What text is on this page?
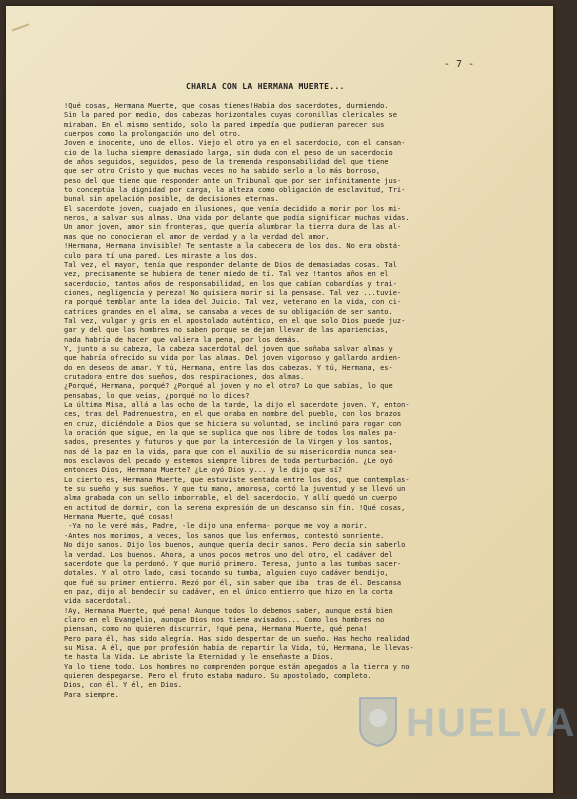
- 7 -
CHARLA CON LA HERMANA MUERTE...
!Qué cosas, Hermana Muerte, que cosas tienes!Había dos sacerdotes, durmiendo.
Sin la pared por medio, dos cabezas horizontales cuyas coronillas clericales se
miraban. En el mismo sentido, solo la pared impedía que pudieran parecer sus
cuerpos como la prolongación uno del otro.
Joven e inocente, uno de ellos. Viejo el otro ya en el sacerdocio, con el cansan-
cio de la lucha siempre demasiado larga, sin duda con el peso de un sacerdocio
de años seguidos, seguidos, peso de la tremenda responsabilidad del que tiene
que ser otro Cristo y que muchas veces no ha sabido serlo a lo más borroso,
peso del que tiene que responder ante un Tribunal que por ser infinitamente jus-
to conceptúa la dignidad por carga, la alteza como obligación de esclavitud, Tri-
bunal sin apelación posible, de decisiones eternas.
El sacerdote joven, cuajado en ilusiones, que venía decidido a morir por los mi-
neros, a salvar sus almas. Una vida por delante que podía significar muchas vidas.
Un amor joven, amor sin fronteras, que quería alumbrar la tierra dura de las al-
mas que no conocieran el amor de verdad y a la verdad del amor.
!Hermana, Hermana invisible! Te sentaste a la cabecera de los dos. No era obstá-
culo para tí una pared. Les miraste a los dos.
Tal vez, el mayor, tenía que responder delante de Dios de demasiadas cosas. Tal
vez, precisamente se hubiera de tener miedo de tí. Tal vez !tantos años en el
sacerdocio, tantos años de responsabilidad, en los que cabían cobardías y trai-
ciones, negligencia y pereza! No quisiera morir si la pensase. Tal vez ...tuvie-
ra porqué temblar ante la idea del Juicio. Tal vez, veterano en la vida, con ci-
catrices grandes en el alma, se cansaba a veces de su obligación de ser santo.
Tal vez, vulgar y gris en el apostolado auténtico, en el que solo Dios puede juz-
gar y del que los hombres no saben porque se dejan llevar de las apariencias,
nada habría de hacer que valiera la pena, por los demás.
Y, junto a su cabeza, la cabeza sacerdotal del joven que soñaba salvar almas y
que habría ofrecido su vida por las almas. Del joven vigoroso y gallardo ardien-
do en deseos de amar. Y tú, Hermana, entre las dos cabezas. Y tú, Hermana, es-
crutadora entre dos sueños, dos respiraciones, dos almas.
¿Porqué, Hermana, porqué? ¿Porqué al joven y no el otro? Lo que sabías, lo que
pensabas, lo que veías, ¿porqué no lo dices?
La última Misa, allá a las ocho de la tarde, la dijo el sacerdote joven. Y, enton-
ces, tras del Padrenuestro, en el que oraba en nombre del pueblo, con los brazos
en cruz, diciéndole a Dios que se hiciera su voluntad, se inclinó para rogar con
la oración que sigue, en la que se suplica que nos libre de todos los males pa-
sados, presentes y futuros y que por la intercesión de la Virgen y los santos,
nos dé la paz en la vida, para que con el auxilio de su misericordia nunca sea-
mos esclavos del pecado y estemos siempre libres de toda perturbación. ¿Le oyó
entonces Dios, Hermana Muerte? ¿Le oyó Dios y... y le dijo que sí?
Lo cierto es, Hermana Muerte, que estuviste sentada entre los dos, que contemplas-
te su sueño y sus sueños. Y que tu mano, amorosa, cortó la juventud y se llevó un
alma grabada con un sello imborrable, el del sacerdocio. Y allí quedó un cuerpo
en actitud de dormir, con la serena expresión de un descanso sin fin. !Qué cosas,
Hermana Muerte, qué cosas!
-Ya no le veré más, Padre, -le dijo una enferma- porque me voy a morir.
-Antes nos morimos, a veces, los sanos que los enfermos, contestó sonriente.
No dijo sanos. Dijo los buenos, aunque quería decir sanos. Pero decía sin saberlo
la verdad. Los buenos. Ahora, a unos pocos metros uno del otro, el cadáver del
sacerdote que la perdonó. Y que murió primero. Teresa, junto a las tumbas sacer-
dotales. Y al otro lado, casi tocando su tumba, alguien cuyo cadáver bendijo,
que fué su primer entierro. Rezó por él, sin saber que iba  tras de él. Descansa
en paz, dijo al bendecir su cadáver, en el único entierro que hizo en la corta
vida sacerdotal.
!Ay, Hermana Muerte, qué pena! Aunque todos lo debemos saber, aunque está bien
claro en el Evangelio, aunque Dios nos tiene avisados... Como los hombres no
piensan, como no quieren discurrir, !qué pena, Hermana Muerte, qué pena!
Pero para él, has sido alegría. Has sido despertar de un sueño. Has hecho realidad
su Misa. A él, que por profesión había de repartir la Vida, tú, Hermana, le llevas-
te hasta la Vida. Le abriste la Eternidad y le enseñaste a Dios.
Ya lo tiene todo. Los hombres no comprenden porque están apegados a la tierra y no
quieren despegarse. Pero el fruto estaba maduro. Su apostolado, completo.
Dios, con él. Y él, en Dios.
Para siempre.
HUELVA
